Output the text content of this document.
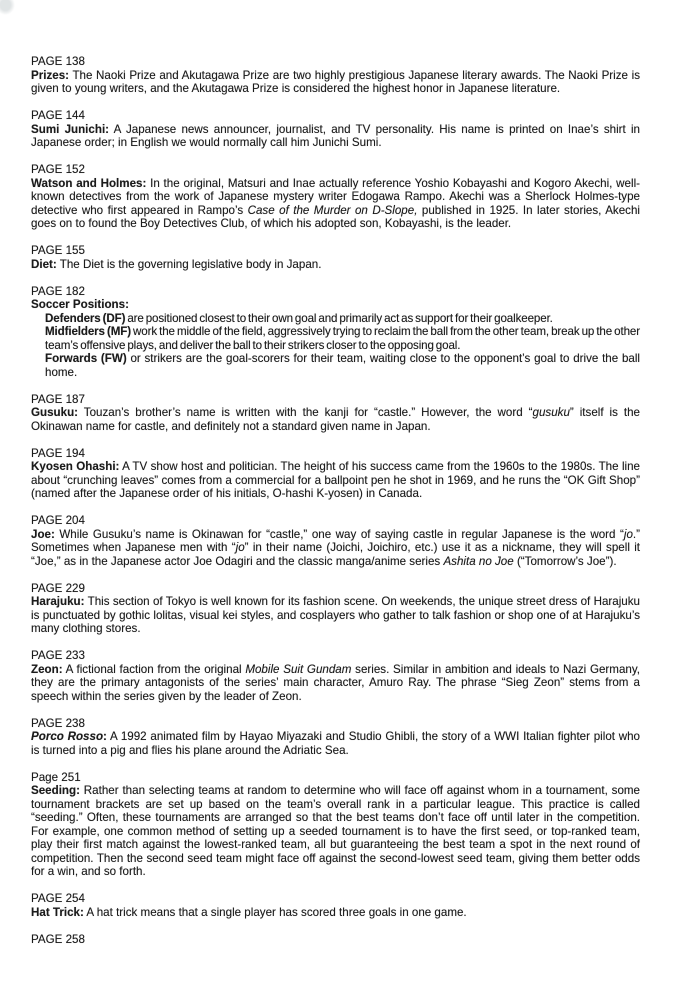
PAGE 138

Prizes: The Naoki Prize and Akutagawa Prize are two highly prestigious Japanese literary awards. The Naoki Prize is given to young writers, and the Akutagawa Prize is considered the highest honor in Japanese literature.

PAGE 144

Sumi Junichi: A Japanese news announcer, journalist, and TV personality. His name is printed on Inae’s shirt in Japanese order; in English we would normally call him Junichi Sumi.

PAGE 152

Watson and Holmes: In the original, Matsuri and Inae actually reference Yoshio Kobayashi and Kogoro Akechi, well-known detectives from the work of Japanese mystery writer Edogawa Rampo. Akechi was a Sherlock Holmes-type detective who first appeared in Rampo’s Case of the Murder on D-Slope, published in 1925. In later stories, Akechi goes on to found the Boy Detectives Club, of which his adopted son, Kobayashi, is the leader.

PAGE 155

Diet: The Diet is the governing legislative body in Japan.

PAGE 182

Soccer Positions:

Defenders (DF) are positioned closest to their own goal and primarily act as support for their goalkeeper.

Midfielders (MF) work the middle of the field, aggressively trying to reclaim the ball from the other team, break up the other team’s offensive plays, and deliver the ball to their strikers closer to the opposing goal.

Forwards (FW) or strikers are the goal-scorers for their team, waiting close to the opponent’s goal to drive the ball home.

PAGE 187

Gusuku: Touzan’s brother’s name is written with the kanji for “castle.” However, the word “gusuku” itself is the Okinawan name for castle, and definitely not a standard given name in Japan.

PAGE 194

Kyosen Ohashi: A TV show host and politician. The height of his success came from the 1960s to the 1980s. The line about “crunching leaves” comes from a commercial for a ballpoint pen he shot in 1969, and he runs the “OK Gift Shop” (named after the Japanese order of his initials, O-hashi K-yosen) in Canada.

PAGE 204

Joe: While Gusuku’s name is Okinawan for “castle,” one way of saying castle in regular Japanese is the word “jo.” Sometimes when Japanese men with “jo” in their name (Joichi, Joichiro, etc.) use it as a nickname, they will spell it “Joe,” as in the Japanese actor Joe Odagiri and the classic manga/anime series Ashita no Joe (“Tomorrow’s Joe”).

PAGE 229

Harajuku: This section of Tokyo is well known for its fashion scene. On weekends, the unique street dress of Harajuku is punctuated by gothic lolitas, visual kei styles, and cosplayers who gather to talk fashion or shop one of at Harajuku’s many clothing stores.

PAGE 233

Zeon: A fictional faction from the original Mobile Suit Gundam series. Similar in ambition and ideals to Nazi Germany, they are the primary antagonists of the series’ main character, Amuro Ray. The phrase “Sieg Zeon” stems from a speech within the series given by the leader of Zeon.

PAGE 238

Porco Rosso: A 1992 animated film by Hayao Miyazaki and Studio Ghibli, the story of a WWI Italian fighter pilot who is turned into a pig and flies his plane around the Adriatic Sea.

Page 251

Seeding: Rather than selecting teams at random to determine who will face off against whom in a tournament, some tournament brackets are set up based on the team’s overall rank in a particular league. This practice is called “seeding.” Often, these tournaments are arranged so that the best teams don’t face off until later in the competition. For example, one common method of setting up a seeded tournament is to have the first seed, or top-ranked team, play their first match against the lowest-ranked team, all but guaranteeing the best team a spot in the next round of competition. Then the second seed team might face off against the second-lowest seed team, giving them better odds for a win, and so forth.

PAGE 254

Hat Trick: A hat trick means that a single player has scored three goals in one game.

PAGE 258
